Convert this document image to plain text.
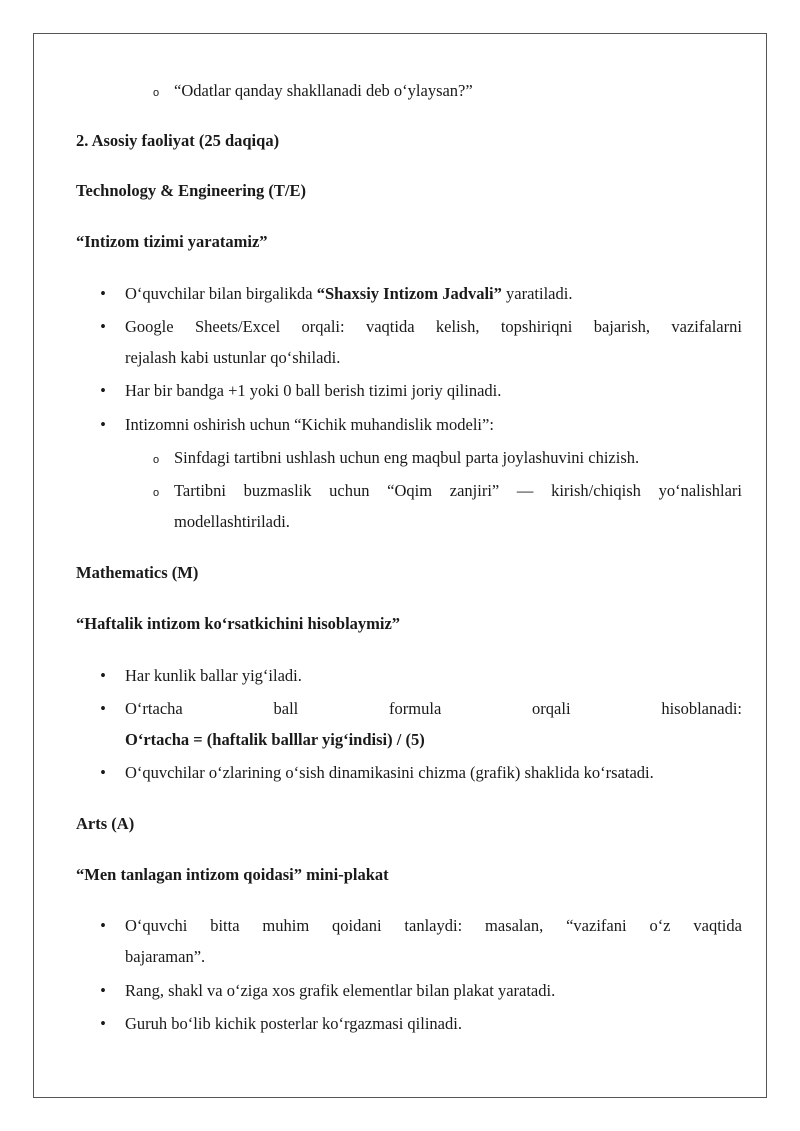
o “Odatlar qanday shakllanadi deb o‘ylaysan?”
2. Asosiy faoliyat (25 daqiqa)
Technology & Engineering (T/E)
“Intizom tizimi yaratamiz”
• O‘quvchilar bilan birgalikda “Shaxsiy Intizom Jadvali” yaratiladi.
• Google Sheets/Excel orqali: vaqtida kelish, topshiriqni bajarish, vazifalarni
rejalash kabi ustunlar qo‘shiladi.
• Har bir bandga +1 yoki 0 ball berish tizimi joriy qilinadi.
• Intizomni oshirish uchun “Kichik muhandislik modeli”:
o Sinfdagi tartibni ushlash uchun eng maqbul parta joylashuvini chizish.
o Tartibni buzmaslik uchun “Oqim zanjiri” — kirish/chiqish yo‘nalishlari
modellashtiriladi.
Mathematics (M)
“Haftalik intizom ko‘rsatkichini hisoblaymiz”
• Har kunlik ballar yig‘iladi.
• O‘rtacha	ball	formula	orqali	hisoblanadi:
O‘rtacha = (haftalik balllar yig‘indisi) / (5)
• O‘quvchilar o‘zlarining o‘sish dinamikasini chizma (grafik) shaklida ko‘rsatadi.
Arts (A)
“Men tanlagan intizom qoidasi” mini-plakat
• O‘quvchi bitta muhim qoidani tanlaydi: masalan, “vazifani o‘z vaqtida
bajaraman”.
• Rang, shakl va o‘ziga xos grafik elementlar bilan plakat yaratadi.
• Guruh bo‘lib kichik posterlar ko‘rgazmasi qilinadi.
